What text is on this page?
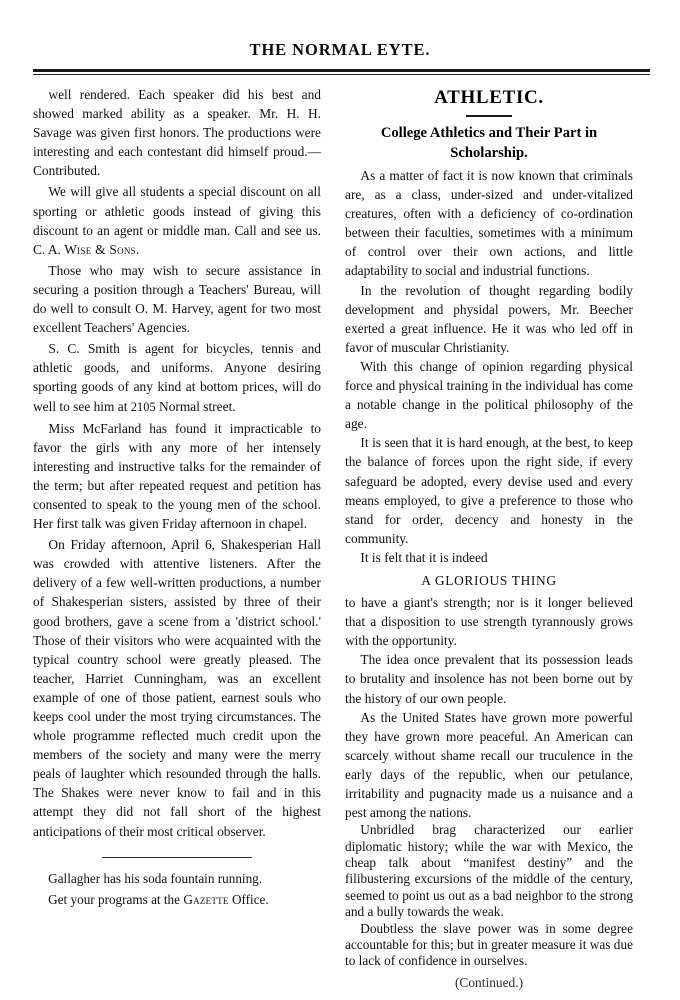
THE NORMAL EYTE.

well rendered. Each speaker did his best and showed marked ability as a speaker. Mr. H. H. Savage was given first honors. The productions were interesting and each contestant did himself proud.—Contributed.

We will give all students a special discount on all sporting or athletic goods instead of giving this discount to an agent or middle man. Call and see us. C. A. Wise & Sons.

Those who may wish to secure assistance in securing a position through a Teachers' Bureau, will do well to consult O. M. Harvey, agent for two most excellent Teachers' Agencies.

S. C. Smith is agent for bicycles, tennis and athletic goods, and uniforms. Anyone desiring sporting goods of any kind at bottom prices, will do well to see him at 2105 Normal street.

Miss McFarland has found it impracticable to favor the girls with any more of her intensely interesting and instructive talks for the remainder of the term; but after repeated request and petition has consented to speak to the young men of the school. Her first talk was given Friday afternoon in chapel.

On Friday afternoon, April 6, Shakesperian Hall was crowded with attentive listeners. After the delivery of a few well-written productions, a number of Shakesperian sisters, assisted by three of their good brothers, gave a scene from a 'district school.' Those of their visitors who were acquainted with the typical country school were greatly pleased. The teacher, Harriet Cunningham, was an excellent example of one of those patient, earnest souls who keeps cool under the most trying circumstances. The whole programme reflected much credit upon the members of the society and many were the merry peals of laughter which resounded through the halls. The Shakes were never know to fail and in this attempt they did not fall short of the highest anticipations of their most critical observer.

Gallagher has his soda fountain running.

Get your programs at the Gazette Office.

ATHLETIC.
College Athletics and Their Part in Scholarship.

As a matter of fact it is now known that criminals are, as a class, under-sized and under-vitalized creatures, often with a deficiency of co-ordination between their faculties, sometimes with a minimum of control over their own actions, and little adaptability to social and industrial functions.

In the revolution of thought regarding bodily development and physidal powers, Mr. Beecher exerted a great influence. He it was who led off in favor of muscular Christianity.

With this change of opinion regarding physical force and physical training in the individual has come a notable change in the political philosophy of the age.

It is seen that it is hard enough, at the best, to keep the balance of forces upon the right side, if every safeguard be adopted, every devise used and every means employed, to give a preference to those who stand for order, decency and honesty in the community.

It is felt that it is indeed

A GLORIOUS THING

to have a giant's strength; nor is it longer believed that a disposition to use strength tyrannously grows with the opportunity.

The idea once prevalent that its possession leads to brutality and insolence has not been borne out by the history of our own people.

As the United States have grown more powerful they have grown more peaceful. An American can scarcely without shame recall our truculence in the early days of the republic, when our petulance, irritability and pugnacity made us a nuisance and a pest among the nations.

Unbridled brag characterized our earlier diplomatic history; while the war with Mexico, the cheap talk about “manifest destiny” and the filibustering excursions of the middle of the century, seemed to point us out as a bad neighbor to the strong and a bully towards the weak.

Doubtless the slave power was in some degree accountable for this; but in greater measure it was due to lack of confidence in ourselves.

(Continued.)
